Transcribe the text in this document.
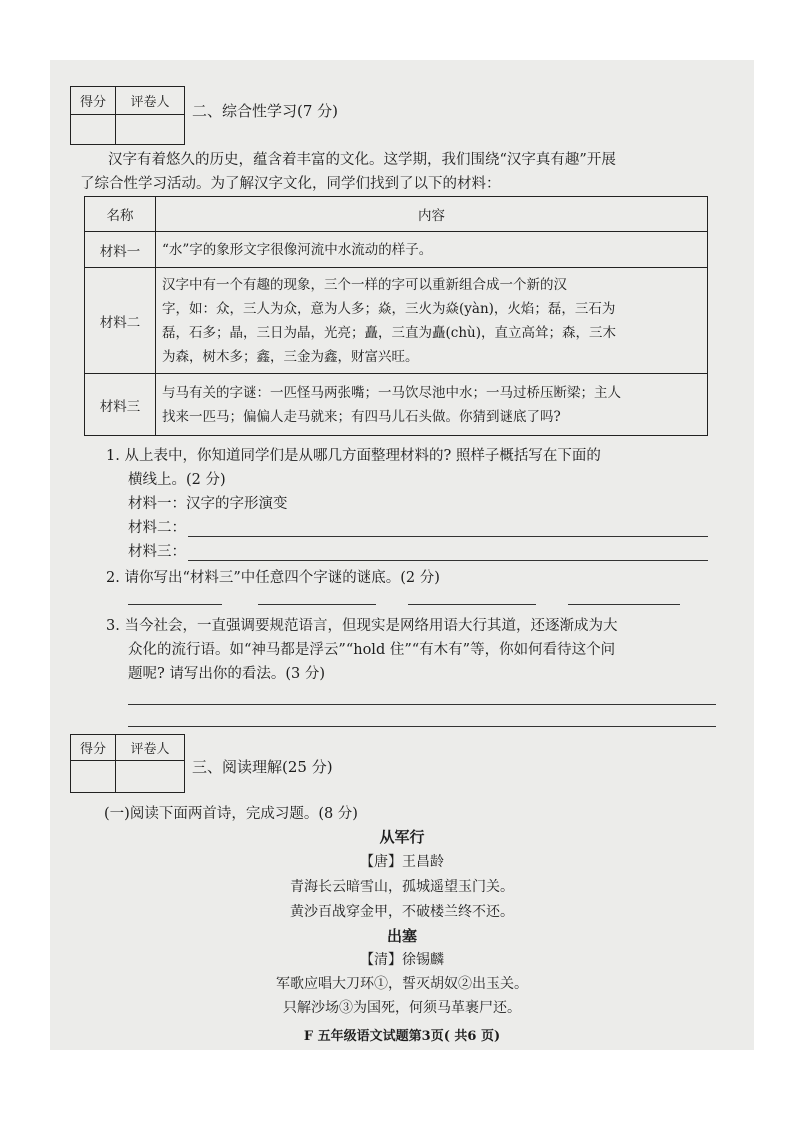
得分	评卷人
	二、综合性学习(7 分)
汉字有着悠久的历史，蕴含着丰富的文化。这学期，我们围绕“汉字真有趣”开展
了综合性学习活动。为了解汉字文化，同学们找到了以下的材料：
名称	内容
材料一	“水”字的象形文字很像河流中水流动的样子。

材料二	汉字中有一个有趣的现象，三个一样的字可以重新组合成一个新的汉
字，如：众，三人为众，意为人多；焱，三火为焱(yàn)，火焰；磊，三石为
磊，石多；晶，三日为晶，光亮；矗，三直为矗(chù)，直立高耸；森，三木
为森，树木多；鑫，三金为鑫，财富兴旺。

材料三	与马有关的字谜：一匹怪马两张嘴；一马饮尽池中水；一马过桥压断梁；主人
找来一匹马；偏偏人走马就来；有四马儿石头做。你猜到谜底了吗?
1. 从上表中，你知道同学们是从哪几方面整理材料的? 照样子概括写在下面的
横线上。(2 分)
材料一：汉字的字形演变
材料二：
材料三：
2. 请你写出“材料三”中任意四个字谜的谜底。(2 分)
3. 当今社会，一直强调要规范语言，但现实是网络用语大行其道，还逐渐成为大
众化的流行语。如“神马都是浮云”“hold 住”“有木有”等，你如何看待这个问
题呢? 请写出你的看法。(3 分)
得分	评卷人

三、阅读理解(25 分)
(一)阅读下面两首诗，完成习题。(8 分)
从军行
【唐】王昌龄
青海长云暗雪山，孤城遥望玉门关。
黄沙百战穿金甲，不破楼兰终不还。
出塞
【清】徐锡麟
军歌应唱大刀环①，誓灭胡奴②出玉关。
只解沙场③为国死，何须马革裹尸还。
F 五年级语文试题第3页( 共6 页)
